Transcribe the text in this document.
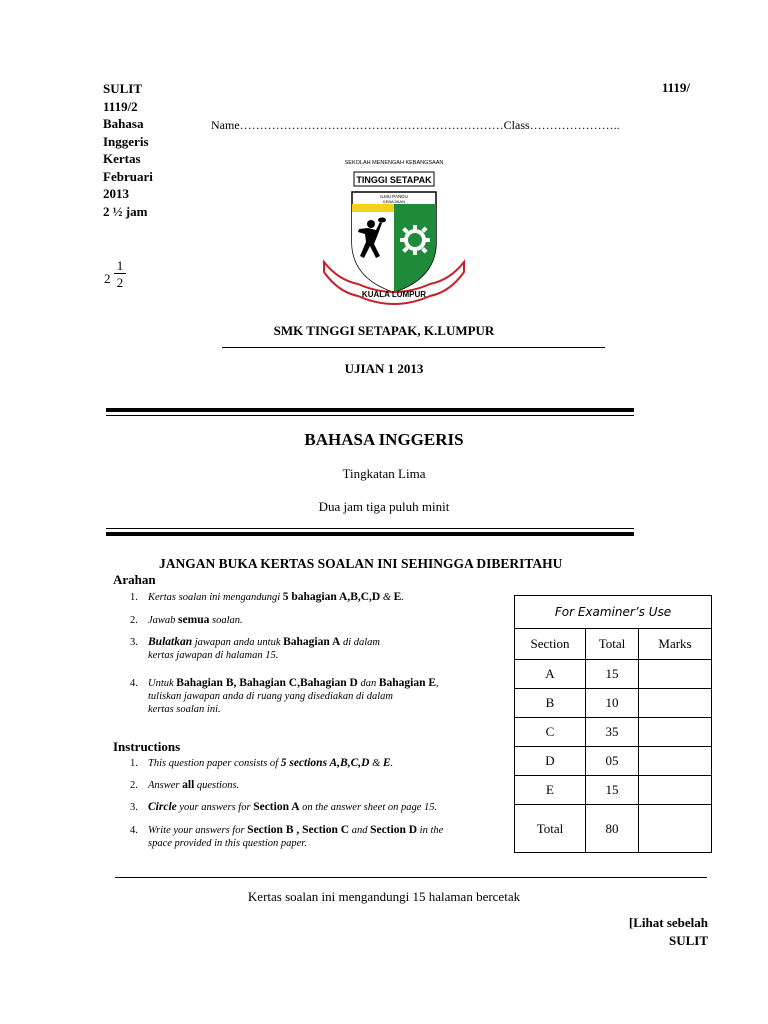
SULIT
1119/2
Bahasa
Inggeris
Kertas
Februari
2013
2 ½ jam
1119/
Name…………………………………………………………Class…………………..
$2 \frac{1}{2}$
SEKOLAH MENENGAH KEBANGSAAN
TINGGI SETAPAK
ILMU PANDU
KEBAJIKAN
KUALA LUMPUR
SMK TINGGI SETAPAK, K.LUMPUR
UJIAN 1 2013
BAHASA INGGERIS
Tingkatan Lima
Dua jam tiga puluh minit
JANGAN BUKA KERTAS SOALAN INI SEHINGGA DIBERITAHU
Arahan
1. Kertas soalan ini mengandungi 5 bahagian A,B,C,D & E.
2. Jawab semua soalan.
3. Bulatkan jawapan anda untuk Bahagian A di dalam
kertas jawapan di halaman 15.
4. Untuk Bahagian B, Bahagian C,Bahagian D dan Bahagian E,
tuliskan jawapan anda di ruang yang disediakan di dalam
kertas soalan ini.
Instructions
1. This question paper consists of 5 sections A,B,C,D & E.
2. Answer all questions.
3. Circle your answers for Section A on the answer sheet on page 15.
4. Write your answers for Section B , Section C and Section D in the
space provided in this question paper.
For Examiner’s Use		
Section	Total	Marks
A	15	
B	10	
C	35	
D	05	
E	15	
Total	80	
Kertas soalan ini mengandungi 15 halaman bercetak
[Lihat sebelah
SULIT
